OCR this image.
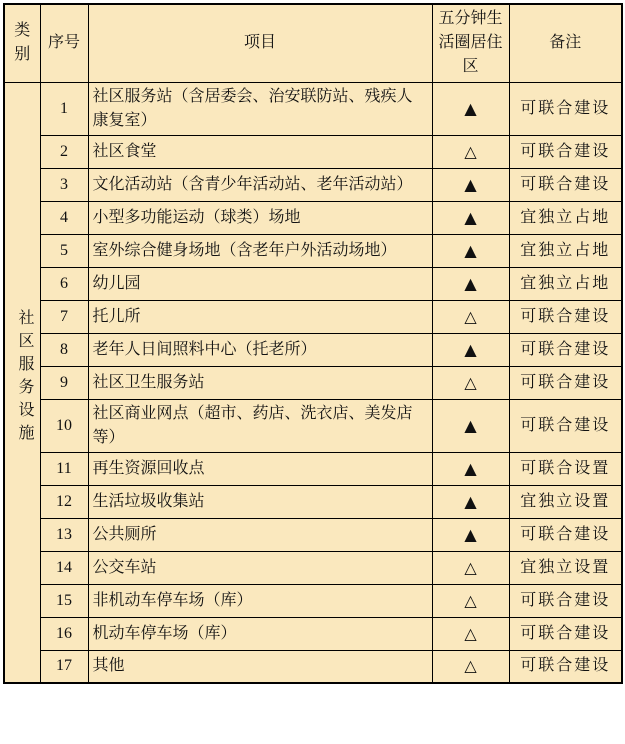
类别	序号	项目	五分钟生活圈居住区	备注
社区服务设施	1	社区服务站（含居委会、治安联防站、残疾人康复室）	▲	可联合建设
	2	社区食堂	△	可联合建设
	3	文化活动站（含青少年活动站、老年活动站）	▲	可联合建设
	4	小型多功能运动（球类）场地	▲	宜独立占地
	5	室外综合健身场地（含老年户外活动场地）	▲	宜独立占地
	6	幼儿园	▲	宜独立占地
	7	托儿所	△	可联合建设
	8	老年人日间照料中心（托老所）	▲	可联合建设
	9	社区卫生服务站	△	可联合建设
	10	社区商业网点（超市、药店、洗衣店、美发店等）	▲	可联合建设
	11	再生资源回收点	▲	可联合设置
	12	生活垃圾收集站	▲	宜独立设置
	13	公共厕所	▲	可联合建设
	14	公交车站	△	宜独立设置
	15	非机动车停车场（库）	△	可联合建设
	16	机动车停车场（库）	△	可联合建设
	17	其他	△	可联合建设
